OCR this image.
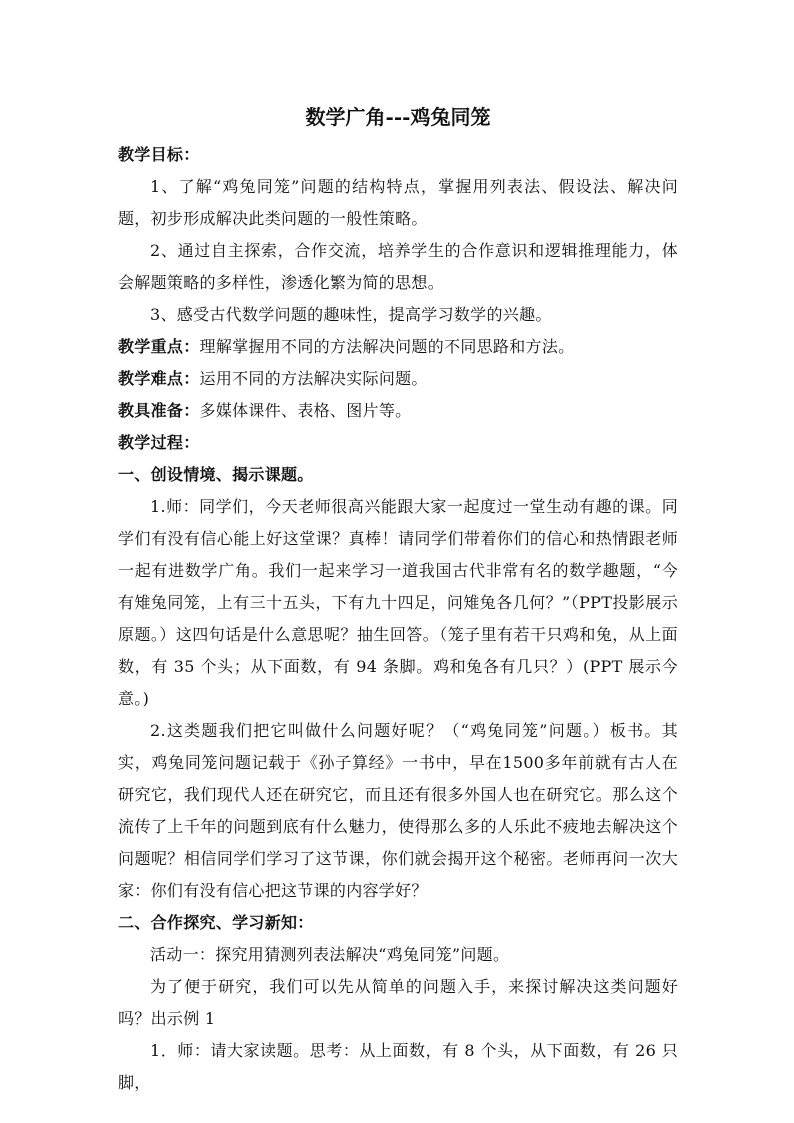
数学广角---鸡兔同笼

教学目标：

1、了解“鸡兔同笼”问题的结构特点，掌握用列表法、假设法、解决问题，初步形成解决此类问题的一般性策略。

2、通过自主探索，合作交流，培养学生的合作意识和逻辑推理能力，体会解题策略的多样性，渗透化繁为简的思想。

3、感受古代数学问题的趣味性，提高学习数学的兴趣。

教学重点：理解掌握用不同的方法解决问题的不同思路和方法。

教学难点：运用不同的方法解决实际问题。

教具准备：多媒体课件、表格、图片等。

教学过程：

一、创设情境、揭示课题。

1.师：同学们，今天老师很高兴能跟大家一起度过一堂生动有趣的课。同学们有没有信心能上好这堂课？真棒！请同学们带着你们的信心和热情跟老师一起有进数学广角。我们一起来学习一道我国古代非常有名的数学趣题，“今有雉兔同笼，上有三十五头，下有九十四足，问雉兔各几何？”（PPT投影展示原题。）这四句话是什么意思呢？抽生回答。（笼子里有若干只鸡和兔，从上面数，有 35 个头；从下面数，有 94 条脚。鸡和兔各有几只？）(PPT 展示今意。)

2.这类题我们把它叫做什么问题好呢？（“鸡兔同笼”问题。）板书。其实，鸡兔同笼问题记载于《孙子算经》一书中，早在1500多年前就有古人在研究它，我们现代人还在研究它，而且还有很多外国人也在研究它。那么这个流传了上千年的问题到底有什么魅力，使得那么多的人乐此不疲地去解决这个问题呢？相信同学们学习了这节课，你们就会揭开这个秘密。老师再问一次大家：你们有没有信心把这节课的内容学好？

二、合作探究、学习新知：

活动一：探究用猜测列表法解决“鸡兔同笼”问题。

为了便于研究，我们可以先从简单的问题入手，来探讨解决这类问题好吗？出示例 1

1．师：请大家读题。思考：从上面数，有 8 个头，从下面数，有 26 只脚，
